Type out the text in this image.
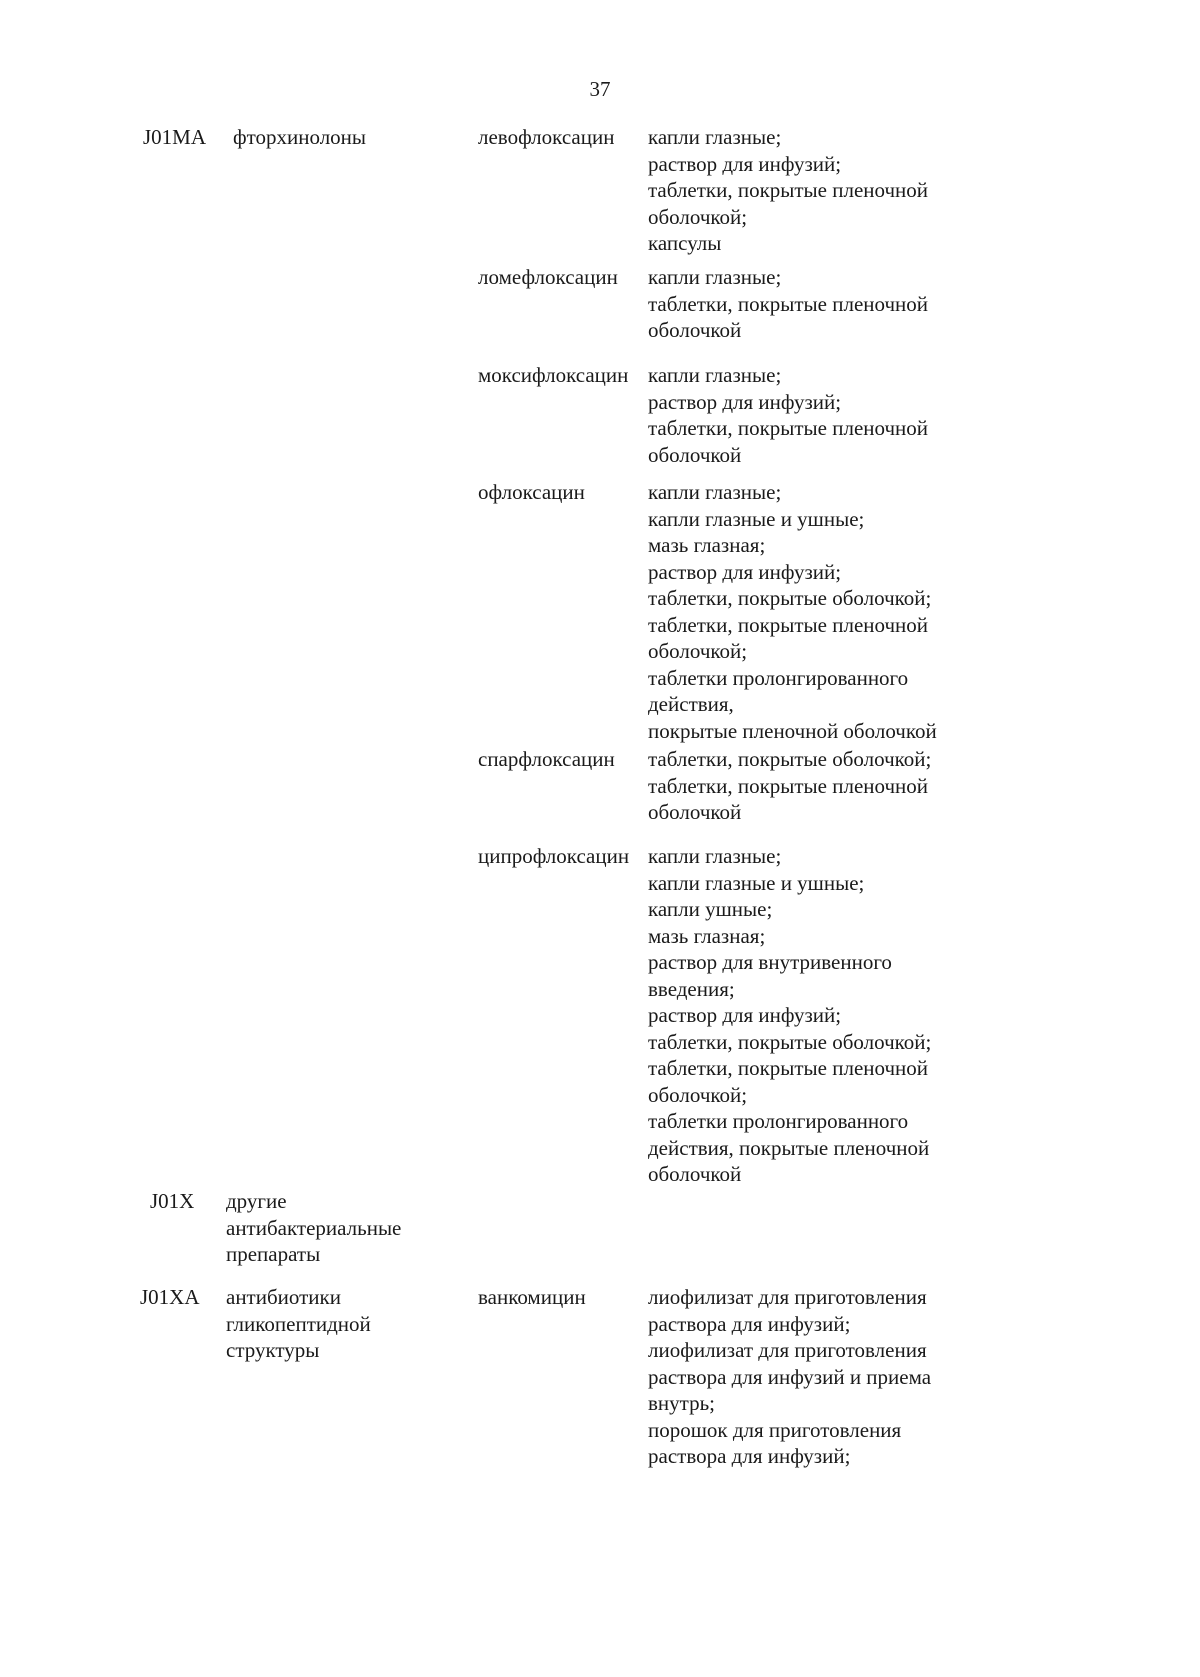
37
J01MA фторхинолоны	левофлоксацин	капли глазные;
раствор для инфузий;
таблетки, покрытые пленочной
оболочкой;
капсулы
ломефлоксацин	капли глазные;
таблетки, покрытые пленочной
оболочкой
моксифлоксацин капли глазные;
раствор для инфузий;
таблетки, покрытые пленочной
оболочкой
офлоксацин	капли глазные;
капли глазные и ушные;
мазь глазная;
раствор для инфузий;
таблетки, покрытые оболочкой;
таблетки, покрытые пленочной
оболочкой;
таблетки пролонгированного
действия,
покрытые пленочной оболочкой
спарфлоксацин	таблетки, покрытые оболочкой;
таблетки, покрытые пленочной
оболочкой
ципрофлоксацин капли глазные;
капли глазные и ушные;
капли ушные;
мазь глазная;
раствор для внутривенного
введения;
раствор для инфузий;
таблетки, покрытые оболочкой;
таблетки, покрытые пленочной
оболочкой;
таблетки пролонгированного
действия, покрытые пленочной
оболочкой
J01X другие антибактериальные препараты
J01XA антибиотики гликопептидной структуры
ванкомицин	лиофилизат для приготовления
раствора для инфузий;
лиофилизат для приготовления
раствора для инфузий и приема
внутрь;
порошок для приготовления
раствора для инфузий;
